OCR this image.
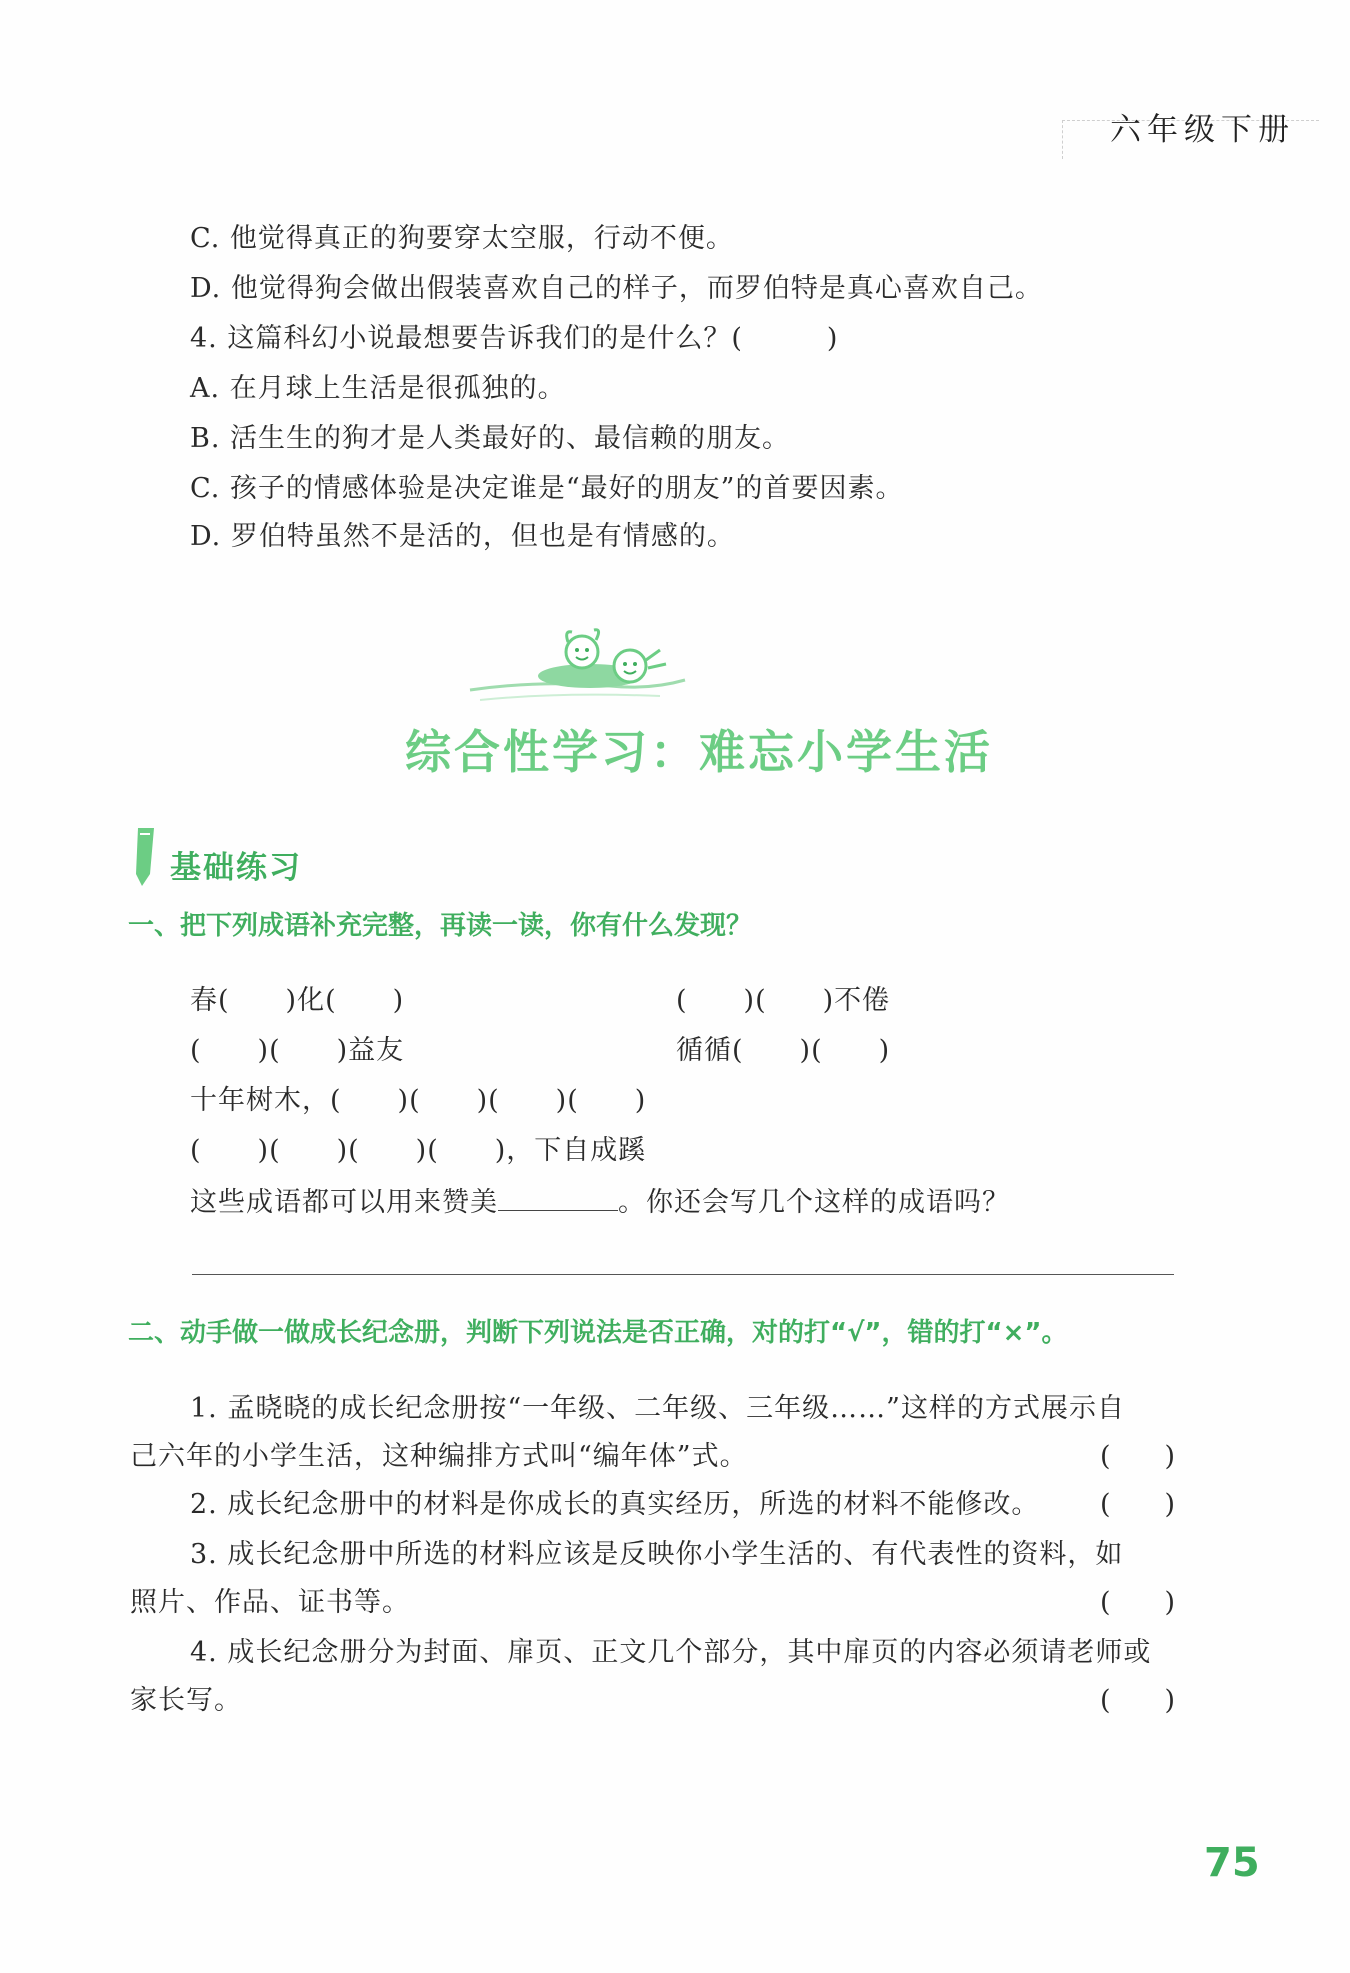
六年级下册
C. 他觉得真正的狗要穿太空服，行动不便。
D. 他觉得狗会做出假装喜欢自己的样子，而罗伯特是真心喜欢自己。
4. 这篇科幻小说最想要告诉我们的是什么？(　　　)
A. 在月球上生活是很孤独的。
B. 活生生的狗才是人类最好的、最信赖的朋友。
C. 孩子的情感体验是决定谁是“最好的朋友”的首要因素。
D. 罗伯特虽然不是活的，但也是有情感的。
综合性学习：难忘小学生活
基础练习
一、把下列成语补充完整，再读一读，你有什么发现？
春(　　)化(　　)	(　　)(　　)不倦
(　　)(　　)益友	循循(　　)(　　)
十年树木，(　　)(　　)(　　)(　　)
(　　)(　　)(　　)(　　)，下自成蹊
这些成语都可以用来赞美	。你还会写几个这样的成语吗？
二、动手做一做成长纪念册，判断下列说法是否正确，对的打“√”，错的打“×”。
1. 孟晓晓的成长纪念册按“一年级、二年级、三年级……”这样的方式展示自
己六年的小学生活，这种编排方式叫“编年体”式。	(　　)
2. 成长纪念册中的材料是你成长的真实经历，所选的材料不能修改。 (　　)
3. 成长纪念册中所选的材料应该是反映你小学生活的、有代表性的资料，如
照片、作品、证书等。	(　　)
4. 成长纪念册分为封面、扉页、正文几个部分，其中扉页的内容必须请老师或
家长写。	(　　)
75
